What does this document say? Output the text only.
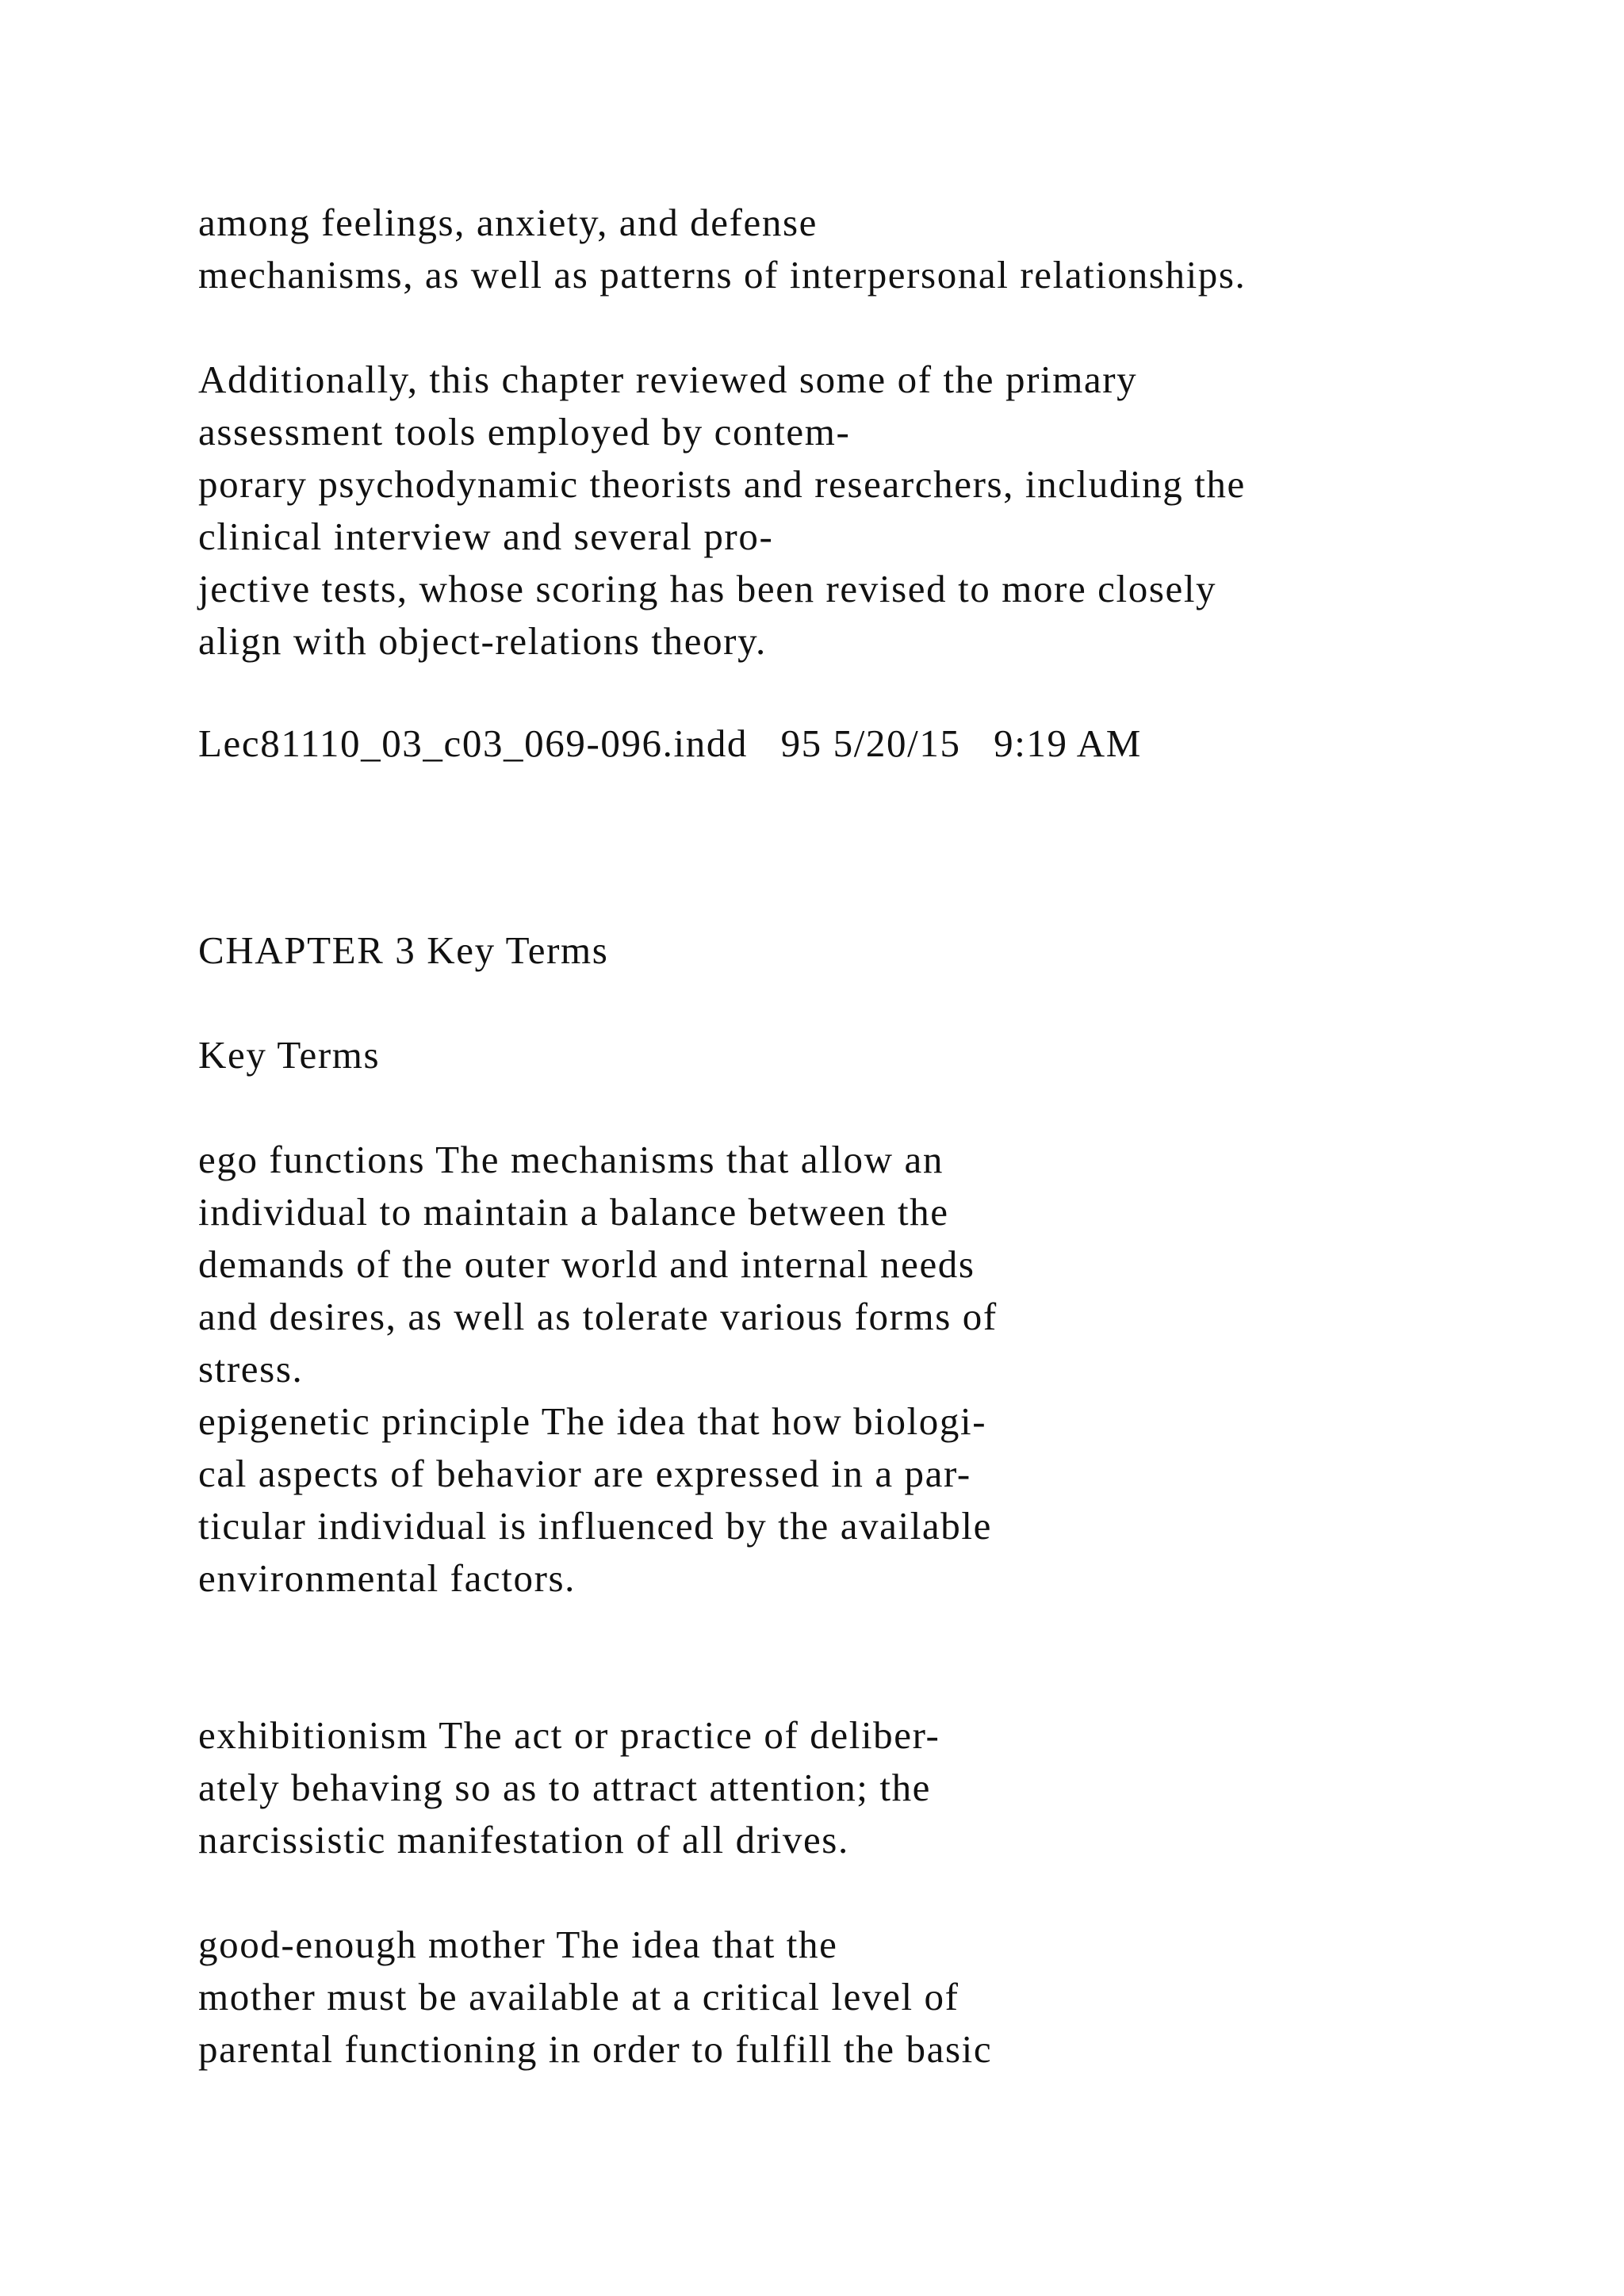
among feelings, anxiety, and defense
mechanisms, as well as patterns of interpersonal relationships.
Additionally, this chapter reviewed some of the primary
assessment tools employed by contem-
porary psychodynamic theorists and researchers, including the
clinical interview and several pro-
jective tests, whose scoring has been revised to more closely
align with object-relations theory.
Lec81110_03_c03_069-096.indd   95 5/20/15   9:19 AM
CHAPTER 3 Key Terms
Key Terms
ego functions The mechanisms that allow an
individual to maintain a balance between the
demands of the outer world and internal needs
and desires, as well as tolerate various forms of
stress.
epigenetic principle The idea that how biologi-
cal aspects of behavior are expressed in a par-
ticular individual is influenced by the available
environmental factors.
exhibitionism The act or practice of deliber-
ately behaving so as to attract attention; the
narcissistic manifestation of all drives.
good-enough mother The idea that the
mother must be available at a critical level of
parental functioning in order to fulfill the basic
